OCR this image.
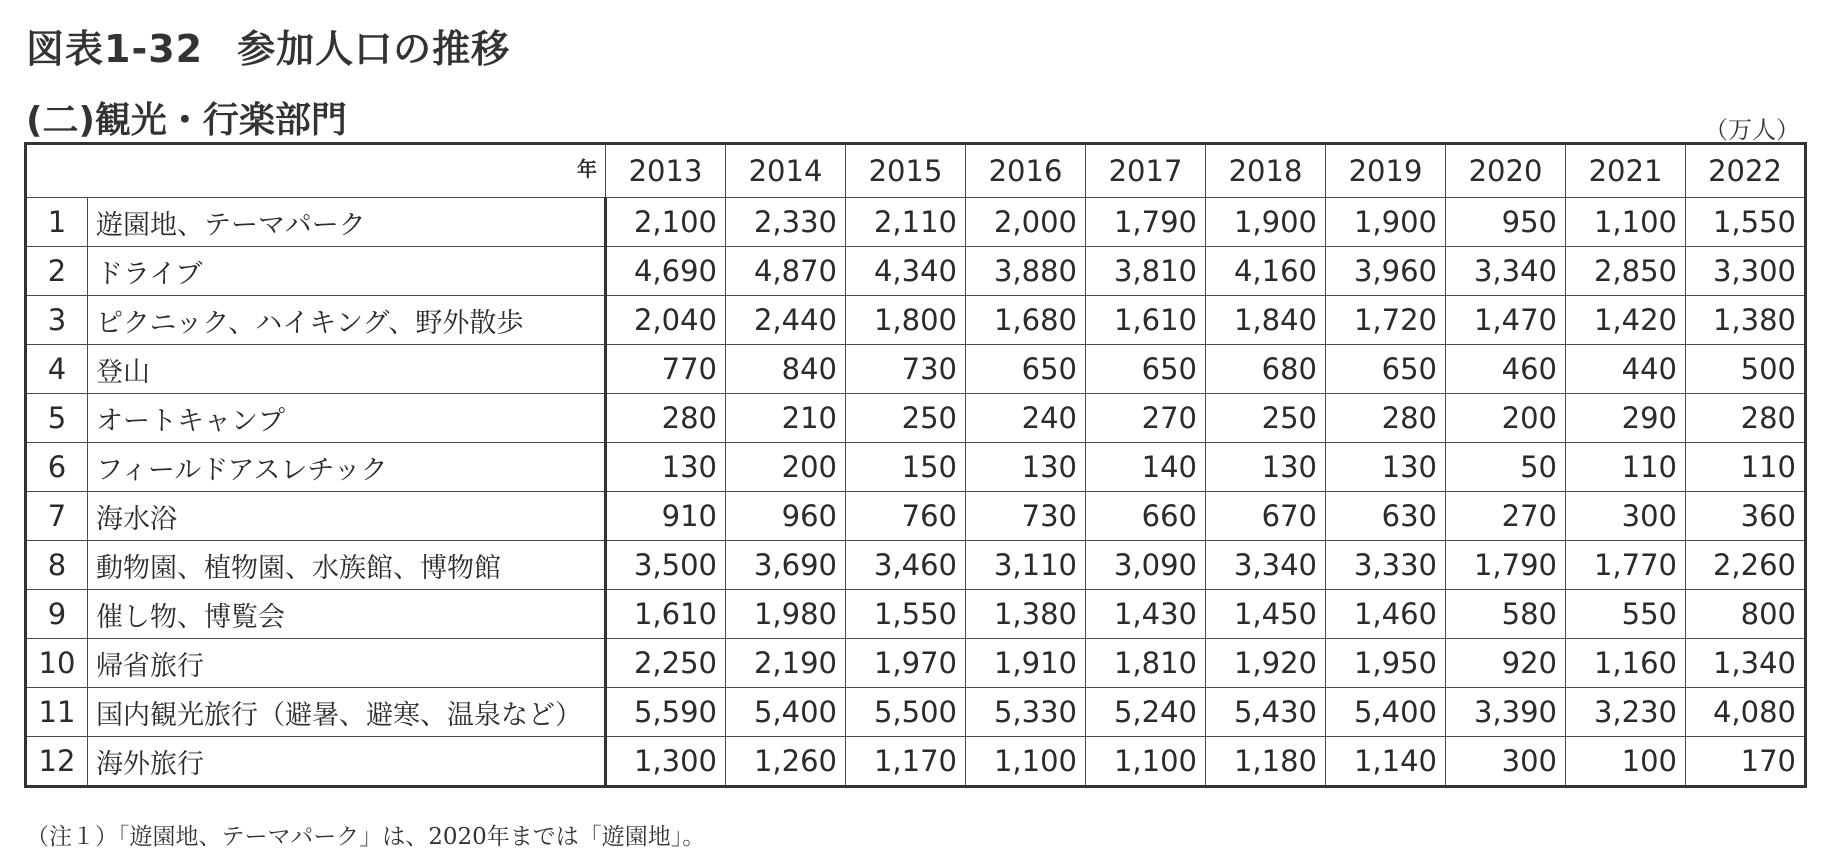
図表1-32 参加人口の推移
(二)観光・行楽部門	（万人）
年		2013	2014	2015	2016	2017	2018	2019	2020	2021	2022
1	遊園地、テーマパーク	2,100	2,330	2,110	2,000	1,790	1,900	1,900	950	1,100	1,550
2	ドライブ	4,690	4,870	4,340	3,880	3,810	4,160	3,960	3,340	2,850	3,300
3	ピクニック、ハイキング、野外散歩	2,040	2,440	1,800	1,680	1,610	1,840	1,720	1,470	1,420	1,380
4	登山	770	840	730	650	650	680	650	460	440	500
5	オートキャンプ	280	210	250	240	270	250	280	200	290	280
6	フィールドアスレチック	130	200	150	130	140	130	130	50	110	110
7	海水浴	910	960	760	730	660	670	630	270	300	360
8	動物園、植物園、水族館、博物館	3,500	3,690	3,460	3,110	3,090	3,340	3,330	1,790	1,770	2,260
9	催し物、博覧会	1,610	1,980	1,550	1,380	1,430	1,450	1,460	580	550	800
10	帰省旅行	2,250	2,190	1,970	1,910	1,810	1,920	1,950	920	1,160	1,340
11	国内観光旅行（避暑、避寒、温泉など）	5,590	5,400	5,500	5,330	5,240	5,430	5,400	3,390	3,230	4,080
12	海外旅行	1,300	1,260	1,170	1,100	1,100	1,180	1,140	300	100	170
（注１）「遊園地、テーマパーク」は、2020年までは「遊園地」。
